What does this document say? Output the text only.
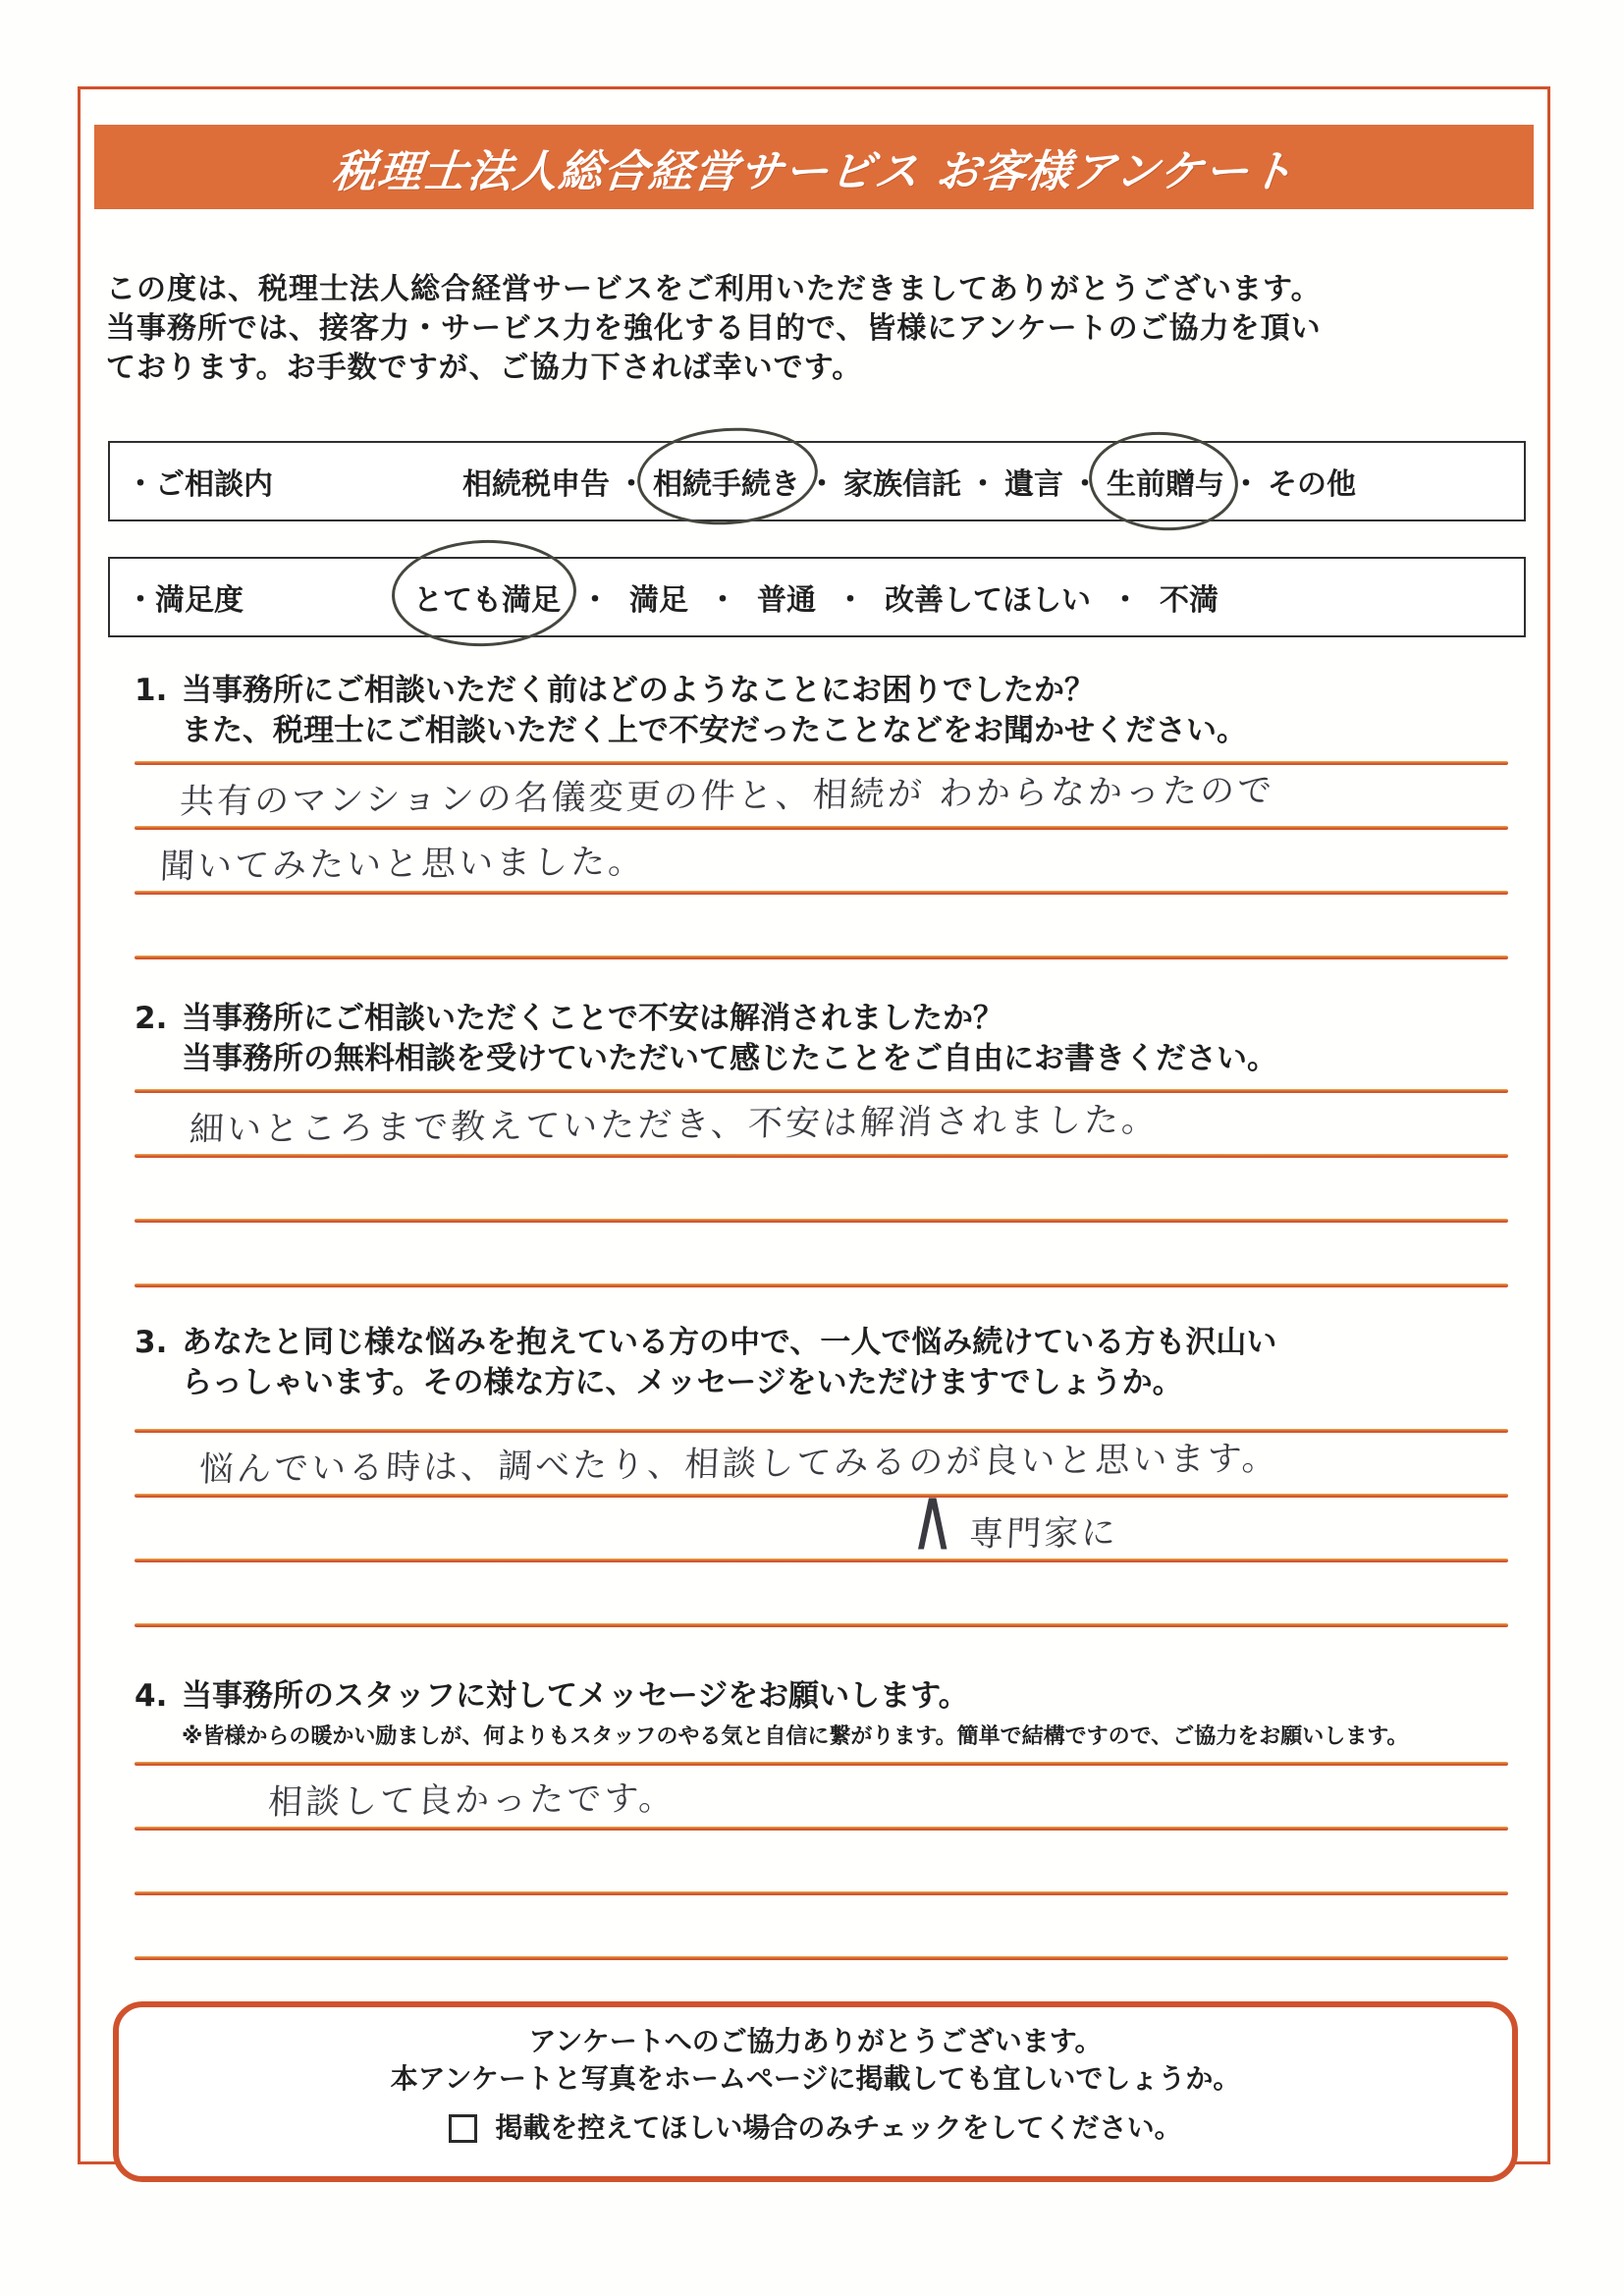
税理士法人総合経営サービス お客様アンケート
この度は、税理士法人総合経営サービスをご利用いただきましてありがとうございます。
当事務所では、接客力・サービス力を強化する目的で、皆様にアンケートのご協力を頂い
ております。お手数ですが、ご協力下されば幸いです。
・ご相談内	相続税申告 ・ 相続手続き ・ 家族信託 ・ 遺言 ・ 生前贈与 ・ その他
・満足度	とても満足 ・ 満足 ・ 普通 ・ 改善してほしい ・ 不満
1. 当事務所にご相談いただく前はどのようなことにお困りでしたか？
また、税理士にご相談いただく上で不安だったことなどをお聞かせください。
共有のマンションの名儀変更の件と、相続が わからなかったので
聞いてみたいと思いました。
2. 当事務所にご相談いただくことで不安は解消されましたか？
当事務所の無料相談を受けていただいて感じたことをご自由にお書きください。
細いところまで教えていただき、不安は解消されました。
3. あなたと同じ様な悩みを抱えている方の中で、一人で悩み続けている方も沢山い
らっしゃいます。その様な方に、メッセージをいただけますでしょうか。
悩んでいる時は、調べたり、相談してみるのが良いと思います。
∧ 専門家に
4. 当事務所のスタッフに対してメッセージをお願いします。
※皆様からの暖かい励ましが、何よりもスタッフのやる気と自信に繋がります。簡単で結構ですので、ご協力をお願いします。
相談して良かったです。
アンケートへのご協力ありがとうございます。
本アンケートと写真をホームページに掲載しても宜しいでしょうか。
掲載を控えてほしい場合のみチェックをしてください。
